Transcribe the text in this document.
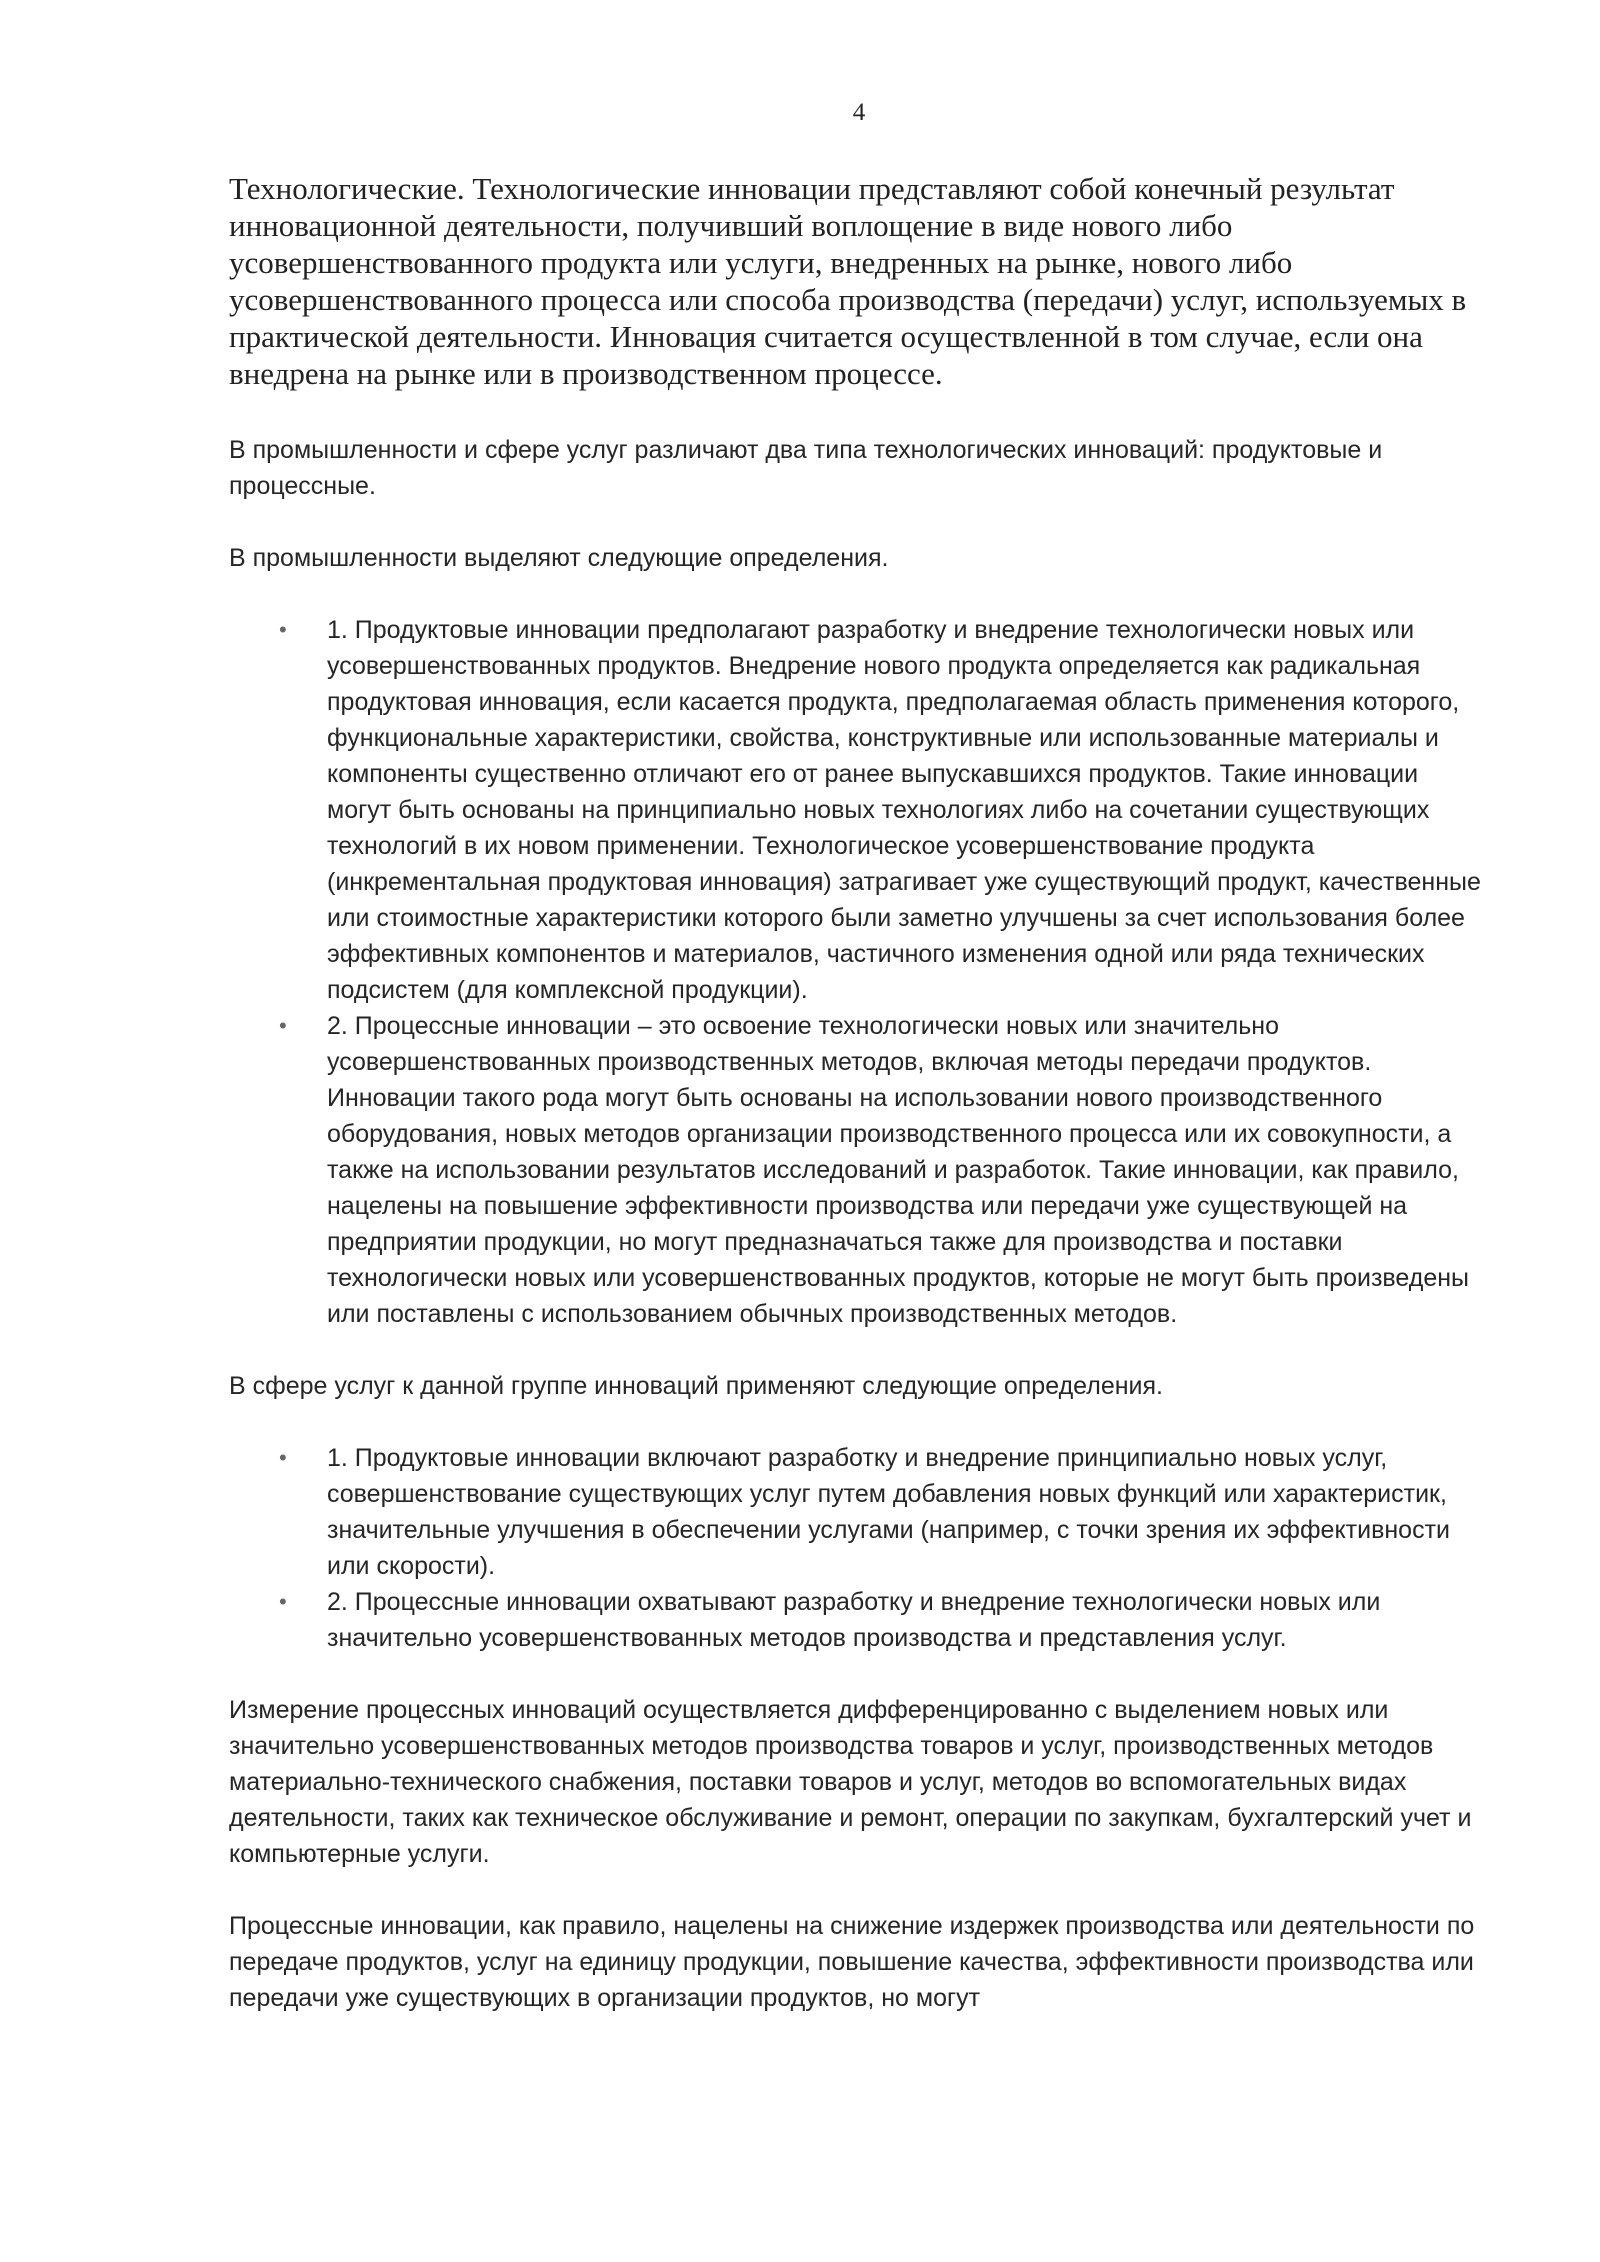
4

Технологические. Технологические инновации представляют собой конечный результат инновационной деятельности, получивший воплощение в виде нового либо усовершенствованного продукта или услуги, внедренных на рынке, нового либо усовершенствованного процесса или способа производства (передачи) услуг, используемых в практической деятельности. Инновация считается осуществленной в том случае, если она внедрена на рынке или в производственном процессе.

В промышленности и сфере услуг различают два типа технологических инноваций: продуктовые и процессные.

В промышленности выделяют следующие определения.

• 1. Продуктовые инновации предполагают разработку и внедрение технологически новых или усовершенствованных продуктов. Внедрение нового продукта определяется как радикальная продуктовая инновация, если касается продукта, предполагаемая область применения которого, функциональные характеристики, свойства, конструктивные или использованные материалы и компоненты существенно отличают его от ранее выпускавшихся продуктов. Такие инновации могут быть основаны на принципиально новых технологиях либо на сочетании существующих технологий в их новом применении. Технологическое усовершенствование продукта (инкрементальная продуктовая инновация) затрагивает уже существующий продукт, качественные или стоимостные характеристики которого были заметно улучшены за счет использования более эффективных компонентов и материалов, частичного изменения одной или ряда технических подсистем (для комплексной продукции).
• 2. Процессные инновации – это освоение технологически новых или значительно усовершенствованных производственных методов, включая методы передачи продуктов. Инновации такого рода могут быть основаны на использовании нового производственного оборудования, новых методов организации производственного процесса или их совокупности, а также на использовании результатов исследований и разработок. Такие инновации, как правило, нацелены на повышение эффективности производства или передачи уже существующей на предприятии продукции, но могут предназначаться также для производства и поставки технологически новых или усовершенствованных продуктов, которые не могут быть произведены или поставлены с использованием обычных производственных методов.

В сфере услуг к данной группе инноваций применяют следующие определения.

• 1. Продуктовые инновации включают разработку и внедрение принципиально новых услуг, совершенствование существующих услуг путем добавления новых функций или характеристик, значительные улучшения в обеспечении услугами (например, с точки зрения их эффективности или скорости).
• 2. Процессные инновации охватывают разработку и внедрение технологически новых или значительно усовершенствованных методов производства и представления услуг.

Измерение процессных инноваций осуществляется дифференцированно с выделением новых или значительно усовершенствованных методов производства товаров и услуг, производственных методов материально-технического снабжения, поставки товаров и услуг, методов во вспомогательных видах деятельности, таких как техническое обслуживание и ремонт, операции по закупкам, бухгалтерский учет и компьютерные услуги.

Процессные инновации, как правило, нацелены на снижение издержек производства или деятельности по передаче продуктов, услуг на единицу продукции, повышение качества, эффективности производства или передачи уже существующих в организации продуктов, но могут
